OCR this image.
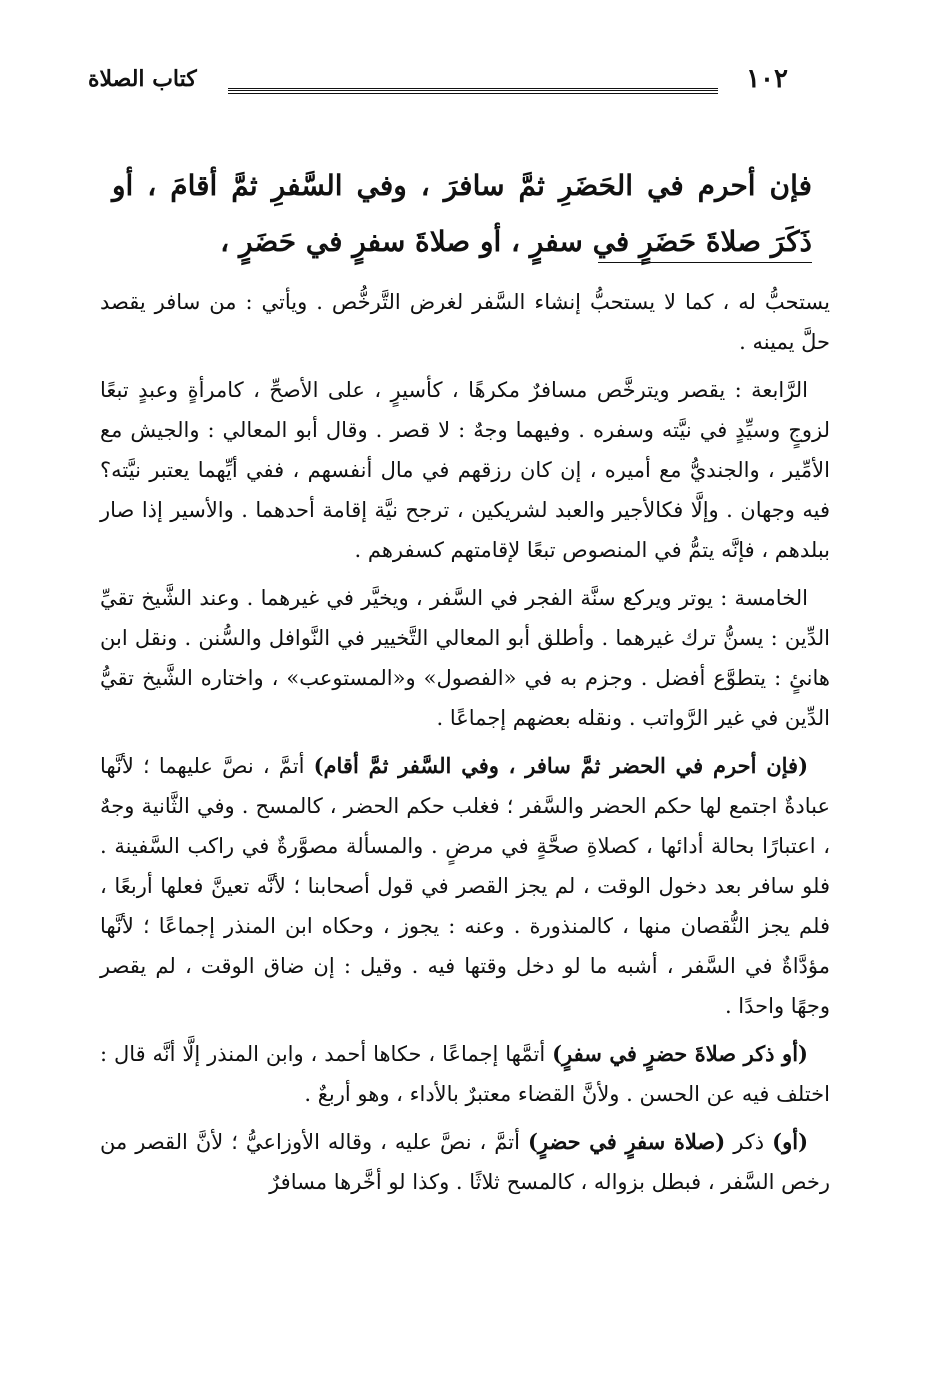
١٠٢
كتاب الصلاة
فإن أحرم في الحَضَرِ ثمَّ سافرَ ، وفي السَّفرِ ثمَّ أقامَ ، أو ذَكَرَ صلاةَ حَضَرٍ في سفرٍ ، أو صلاةَ سفرٍ في حَضَرٍ ،

يستحبُّ له ، كما لا يستحبُّ إنشاء السَّفر لغرض التَّرخُّص . ويأتي : من سافر يقصد حلَّ يمينه .

الرَّابعة : يقصر ويترخَّص مسافرٌ مكرهًا ، كأسيرٍ ، على الأصحِّ ، كامرأةٍ وعبدٍ تبعًا لزوجٍ وسيِّدٍ في نيَّته وسفره . وفيهما وجهٌ : لا قصر . وقال أبو المعالي : والجيش مع الأمِّير ، والجنديُّ مع أميره ، إن كان رزقهم في مال أنفسهم ، ففي أيِّهما يعتبر نيَّته؟ فيه وجهان . وإلَّا فكالأجير والعبد لشريكين ، ترجح نيَّة إقامة أحدهما . والأسير إذا صار ببلدهم ، فإنَّه يتمُّ في المنصوص تبعًا لإقامتهم كسفرهم .

الخامسة : يوتر ويركع سنَّة الفجر في السَّفر ، ويخيَّر في غيرهما . وعند الشَّيخ تقيِّ الدِّين : يسنُّ ترك غيرهما . وأطلق أبو المعالي التَّخيير في النَّوافل والسُّنن . ونقل ابن هانئٍ : يتطوَّع أفضل . وجزم به في «الفصول» و«المستوعب» ، واختاره الشَّيخ تقيُّ الدِّين في غير الرَّواتب . ونقله بعضهم إجماعًا .

(فإن أحرم في الحضر ثمَّ سافر ، وفي السَّفر ثمَّ أقام) أتمَّ ، نصَّ عليهما ؛ لأنَّها عبادةٌ اجتمع لها حكم الحضر والسَّفر ؛ فغلب حكم الحضر ، كالمسح . وفي الثَّانية وجهٌ ، اعتبارًا بحالة أدائها ، كصلاةِ صحَّةٍ في مرضٍ . والمسألة مصوَّرةٌ في راكب السَّفينة . فلو سافر بعد دخول الوقت ، لم يجز القصر في قول أصحابنا ؛ لأنَّه تعينَّ فعلها أربعًا ، فلم يجز النُّقصان منها ، كالمنذورة . وعنه : يجوز ، وحكاه ابن المنذر إجماعًا ؛ لأنَّها مؤدَّاةٌ في السَّفر ، أشبه ما لو دخل وقتها فيه . وقيل : إن ضاق الوقت ، لم يقصر وجهًا واحدًا .

(أو ذكر صلاةَ حضرٍ في سفرٍ) أتمَّها إجماعًا ، حكاها أحمد ، وابن المنذر إلَّا أنَّه قال : اختلف فيه عن الحسن . ولأنَّ القضاء معتبرٌ بالأداء ، وهو أربعٌ .

(أو) ذكر (صلاة سفرٍ في حضرٍ) أتمَّ ، نصَّ عليه ، وقاله الأوزاعيُّ ؛ لأنَّ القصر من رخص السَّفر ، فبطل بزواله ، كالمسح ثلاثًا . وكذا لو أخَّرها مسافرٌ
